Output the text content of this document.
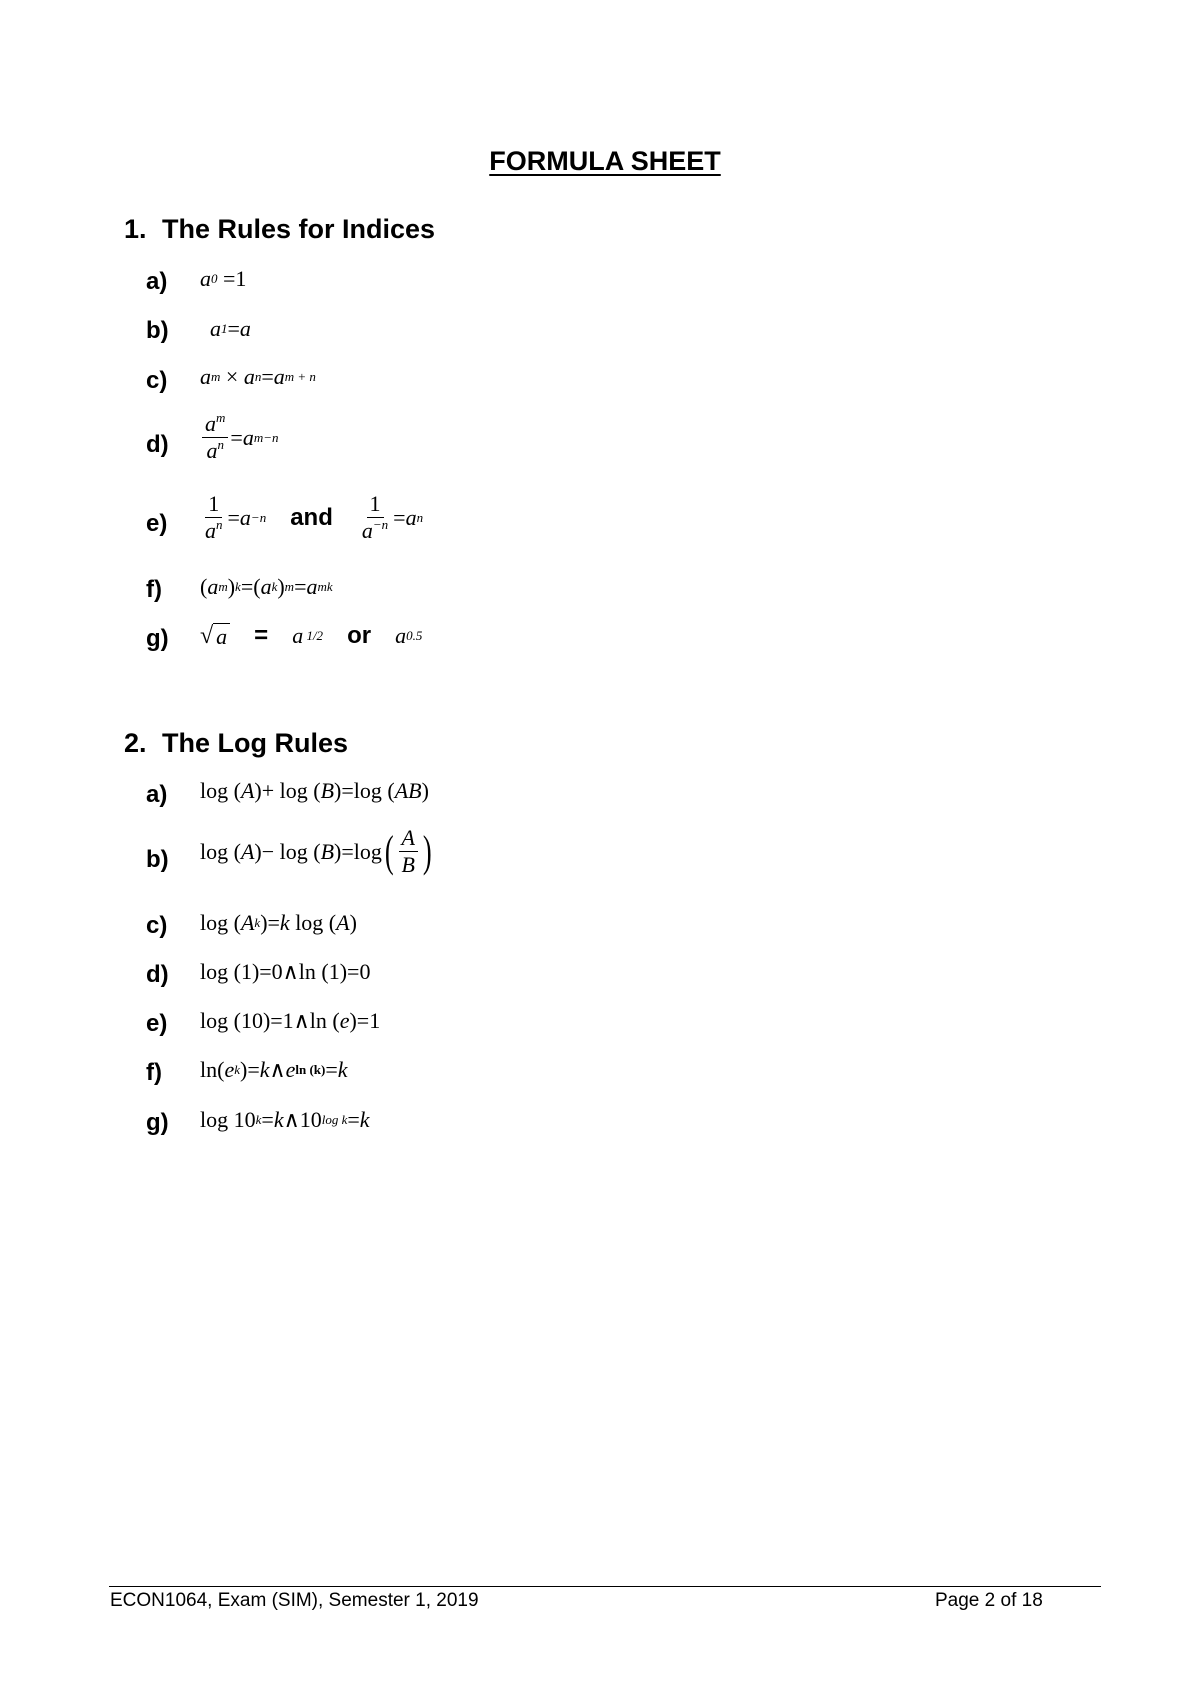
FORMULA SHEET
1. The Rules for Indices
a)	a 0
=1
b)	a 1 = a
c)	a m × a n = a m + n
d)	$\frac{a^m}{a^n} = a$ m−n
e)	$\frac{1}{a^n} = a -n$ and $\frac{1}{a^{-n}} = a$ n
f)	( a m ) k =( a k ) m = a mk
g)	√ a = a 1/2 or a 0.5
2. The Log Rules
a)	log ( A )+ log ( B )=log ( AB )
b)	log ( A )− log ( B )=log ( $\frac{A}{B}$ )
c)	log ( A k )= k log ( A )
d)	log (1)=0∧ln (1)=0
e)	log (10)=1∧ln ( e )=1
f)	ln( e k )= k ∧ e ln (k) = k
g)	log 10 k = k ∧10 log k = k
ECON1064, Exam (SIM), Semester 1, 2019	Page 2 of 18
